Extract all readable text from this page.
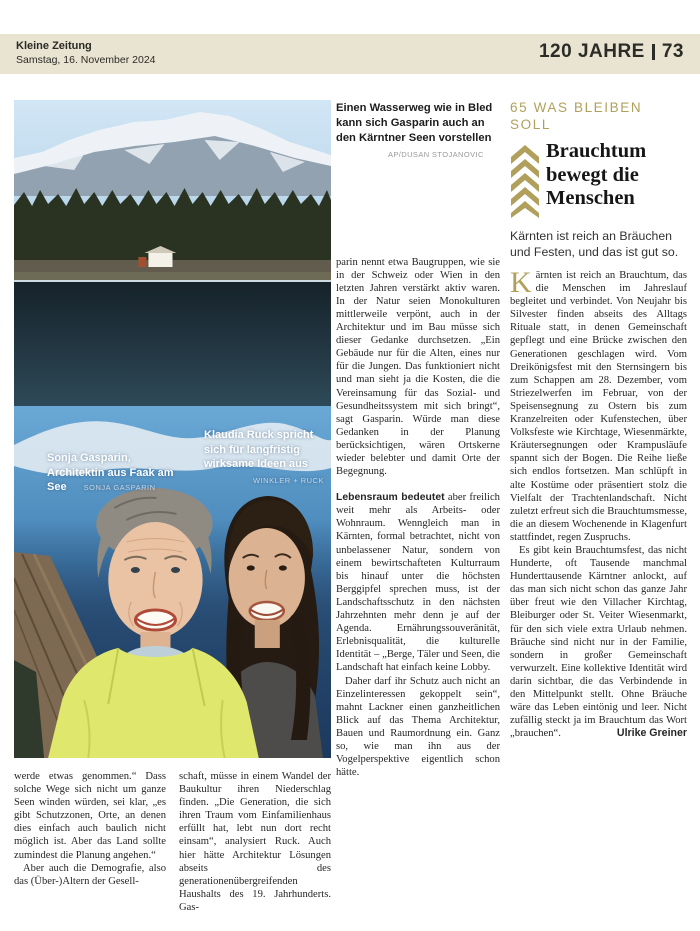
Kleine Zeitung
Samstag, 16. November 2024	120 JAHRE 73
Sonja Gasparin, Architektin aus Faak am See SONJA GASPARIN
Klaudia Ruck spricht sich für langfristig wirksame Ideen aus
WINKLER + RUCK
Einen Wasserweg wie in Bled kann sich Gasparin auch an den Kärntner Seen vorstellen
AP/DUSAN STOJANOVIC

parin nennt etwa Baugruppen, wie sie in der Schweiz oder Wien in den letzten Jahren verstärkt aktiv waren. In der Natur seien Monokulturen mittlerweile verpönt, auch in der Architektur und im Bau müsse sich dieser Gedanke durchsetzen. „Ein Gebäude nur für die Alten, eines nur für die Jungen. Das funktioniert nicht und man sieht ja die Kosten, die die Vereinsamung für das Sozial- und Gesundheitssystem mit sich bringt“, sagt Gasparin. Würde man diese Gedanken in der Planung berücksichtigen, wären Ortskerne wieder belebter und damit Orte der Begegnung.

Lebensraum bedeutet aber freilich weit mehr als Arbeits- oder Wohnraum. Wenngleich man in Kärnten, formal betrachtet, nicht von unbelassener Natur, sondern von einem bewirtschafteten Kulturraum bis hinauf unter die höchsten Berggipfel sprechen muss, ist der Landschaftsschutz in den nächsten Jahrzehnten mehr denn je auf der Agenda. Ernährungssouveränität, Erlebnisqualität, die kulturelle Identität – „Berge, Täler und Seen, die Landschaft hat einfach keine Lobby.

Daher darf ihr Schutz auch nicht an Einzelinteressen gekoppelt sein“, mahnt Lackner einen ganzheitlichen Blick auf das Thema Architektur, Bauen und Raumordnung ein. Ganz so, wie man ihn aus der Vogelperspektive eigentlich schon hätte.

65 WAS BLEIBEN SOLL
Brauchtum bewegt die Menschen
Kärnten ist reich an Bräuchen und Festen, und das ist gut so.

Kärnten ist reich an Brauchtum, das die Menschen im Jahreslauf begleitet und verbindet. Von Neujahr bis Silvester finden abseits des Alltags Rituale statt, in denen Gemeinschaft gepflegt und eine Brücke zwischen den Generationen geschlagen wird. Vom Dreikönigsfest mit den Sternsingern bis zum Schappen am 28. Dezember, vom Striezelwerfen im Februar, von der Speisensegnung zu Ostern bis zum Kranzelreiten oder Kufenstechen, über Volksfeste wie Kirchtage, Wiesenmärkte, Kräutersegnungen oder Krampusläufe spannt sich der Bogen. Die Reihe ließe sich endlos fortsetzen. Man schlüpft in alte Kostüme oder präsentiert stolz die Vielfalt der Trachtenlandschaft. Nicht zuletzt erfreut sich die Brauchtumsmesse, die an diesem Wochenende in Klagenfurt stattfindet, regen Zuspruchs.

Es gibt kein Brauchtumsfest, das nicht Hunderte, oft Tausende manchmal Hunderttausende Kärntner anlockt, auf das man sich nicht schon das ganze Jahr über freut wie den Villacher Kirchtag, Bleiburger oder St. Veiter Wiesenmarkt, für den sich viele extra Urlaub nehmen. Bräuche sind nicht nur in der Familie, sondern in großer Gemeinschaft verwurzelt. Eine kollektive Identität wird darin sichtbar, die das Verbindende in den Mittelpunkt stellt. Ohne Bräuche wäre das Leben eintönig und leer. Nicht zufällig steckt ja im Brauchtum das Wort „brauchen“.	Ulrike Greiner

werde etwas genommen.“ Dass solche Wege sich nicht um ganze Seen winden würden, sei klar, „es gibt Schutzzonen, Orte, an denen dies einfach auch baulich nicht möglich ist. Aber das Land sollte zumindest die Planung angehen.“

Aber auch die Demografie, also das (Über-)Altern der Gesell-

schaft, müsse in einem Wandel der Baukultur ihren Niederschlag finden. „Die Generation, die sich ihren Traum vom Einfamilienhaus erfüllt hat, lebt nun dort recht einsam“, analysiert Ruck. Auch hier hätte Architektur Lösungen abseits des generationenübergreifenden Haushalts des 19. Jahrhunderts. Gas-
